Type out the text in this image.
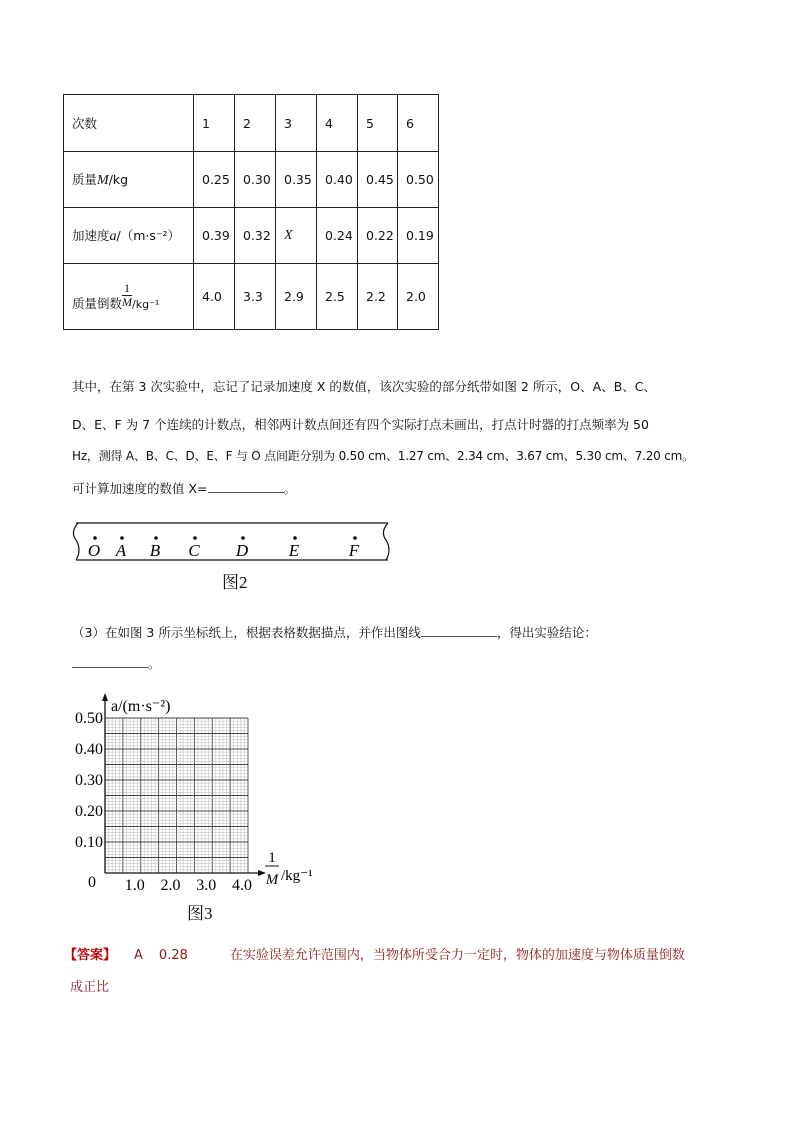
次数	1	2	3	4	5	6
质量M/kg	0.25	0.30	0.35	0.40	0.45	0.50
加速度a/（m·s⁻²）	0.39	0.32	X	0.24	0.22	0.19
质量倒数 $\frac{1}{M} /kg^{-1}$	4.0	3.3	2.9	2.5	2.2	2.0
其中，在第 3 次实验中，忘记了记录加速度 X 的数值，该次实验的部分纸带如图 2 所示，O、A、B、C、
D、E、F 为 7 个连续的计数点，相邻两计数点间还有四个实际打点未画出，打点计时器的打点频率为 50
Hz，测得 A、B、C、D、E、F 与 O 点间距分别为 0.50 cm、1.27 cm、2.34 cm、3.67 cm、5.30 cm、7.20 cm。
可计算加速度的数值 X=	。
O A B C D E	F
图2
（3）在如图 3 所示坐标纸上，根据表格数据描点，并作出图线	，得出实验结论：
。
a/(m·s⁻²)
0.50
0.40
0.30
0.20
0.10
0 1.0 2.0 3.0 4.0
1
M /kg⁻¹
图3
【答案】 A 0.28	在实验误差允许范围内，当物体所受合力一定时，物体的加速度与物体质量倒数
成正比
